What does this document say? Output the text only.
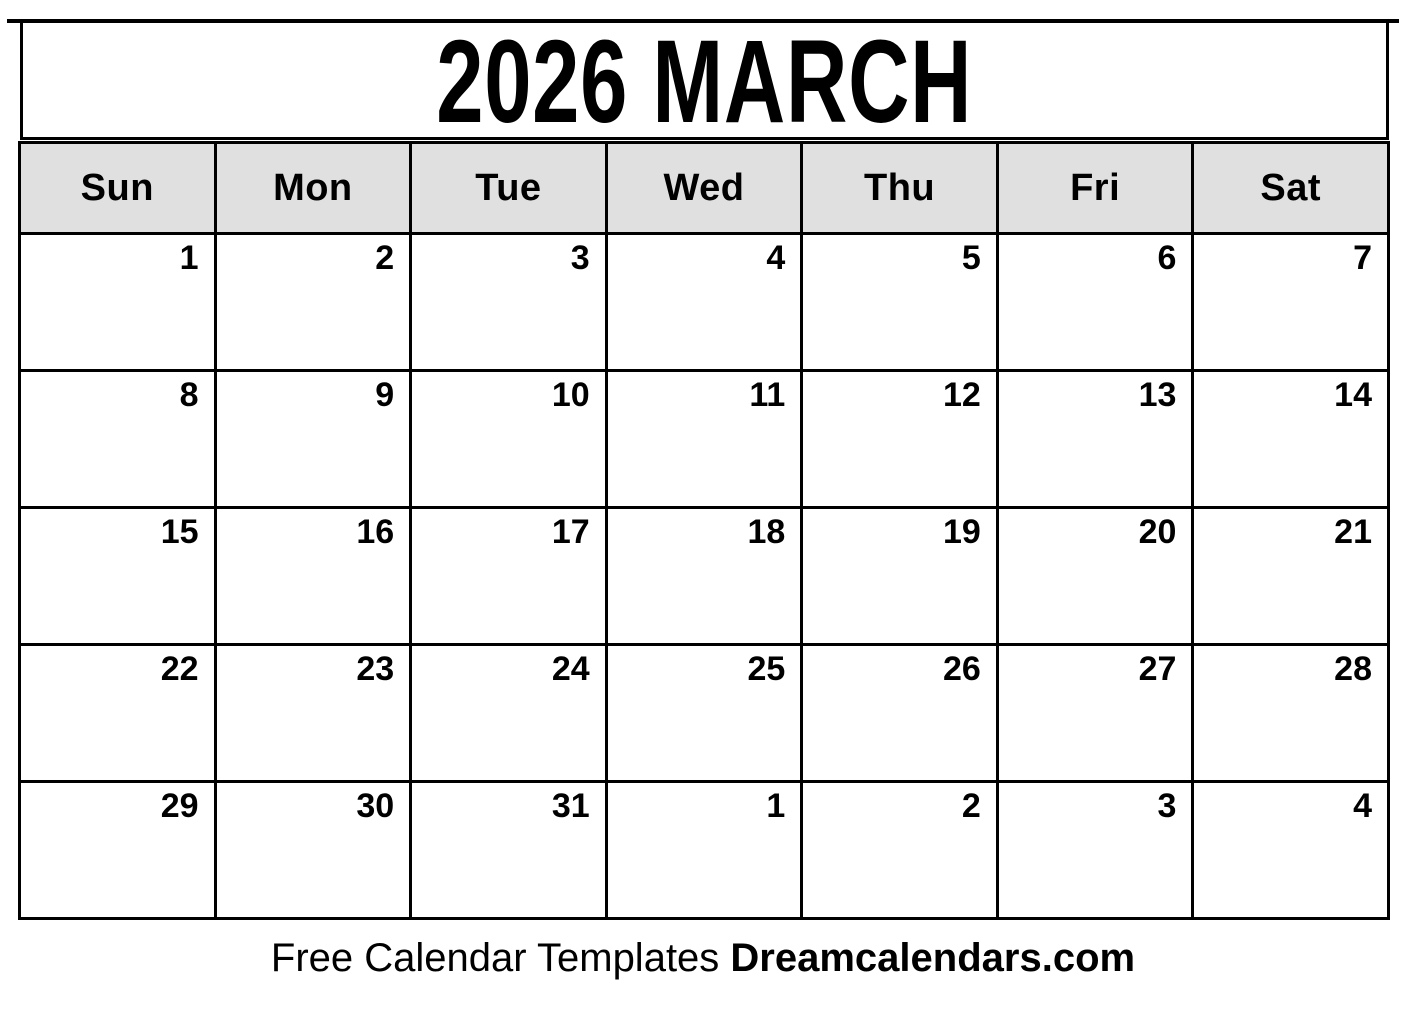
2026 MARCH
Sun	Mon	Tue	Wed	Thu	Fri	Sat
1	2	3	4	5	6	7
8	9	10	11	12	13	14
15	16	17	18	19	20	21
22	23	24	25	26	27	28
29	30	31	1	2	3	4
Free Calendar Templates Dreamcalendars.com
